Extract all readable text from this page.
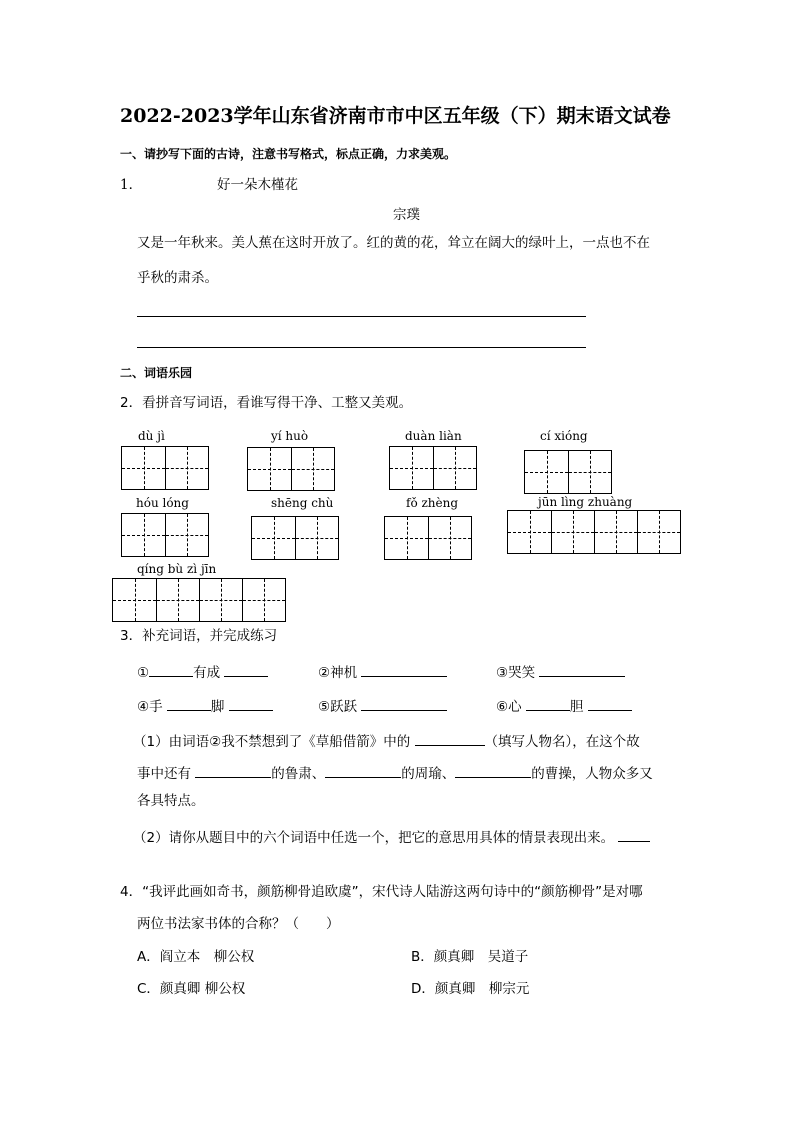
2022-2023学年山东省济南市市中区五年级（下）期末语文试卷
一、请抄写下面的古诗，注意书写格式，标点正确，力求美观。
1．	好一朵木槿花
宗璞
又是一年秋来。美人蕉在这时开放了。红的黄的花，耸立在阔大的绿叶上，一点也不在
乎秋的肃杀。
二、词语乐园
2．看拼音写词语，看谁写得干净、工整又美观。
dù jì	yí huò	duàn liàn	cí xióng
hóu lóng	shēng chù	fǒ zhèng	jūn lìng zhuàng
qíng bù zì jīn
3．补充词语，并完成练习
①	有成	②神机	③哭笑
④手	脚	⑤跃跃	⑥心	胆
（1）由词语②我不禁想到了《草船借箭》中的	（填写人物名），在这个故
事中还有	的鲁肃、	的周瑜、	的曹操，人物众多又
各具特点。
（2）请你从题目中的六个词语中任选一个，把它的意思用具体的情景表现出来。
4．“我评此画如奇书，颜筋柳骨追欧虞”，宋代诗人陆游这两句诗中的“颜筋柳骨”是对哪
两位书法家书体的合称？（　　）
A．阎立本　柳公权	B．颜真卿　吴道子
C．颜真卿 柳公权	D．颜真卿　柳宗元
